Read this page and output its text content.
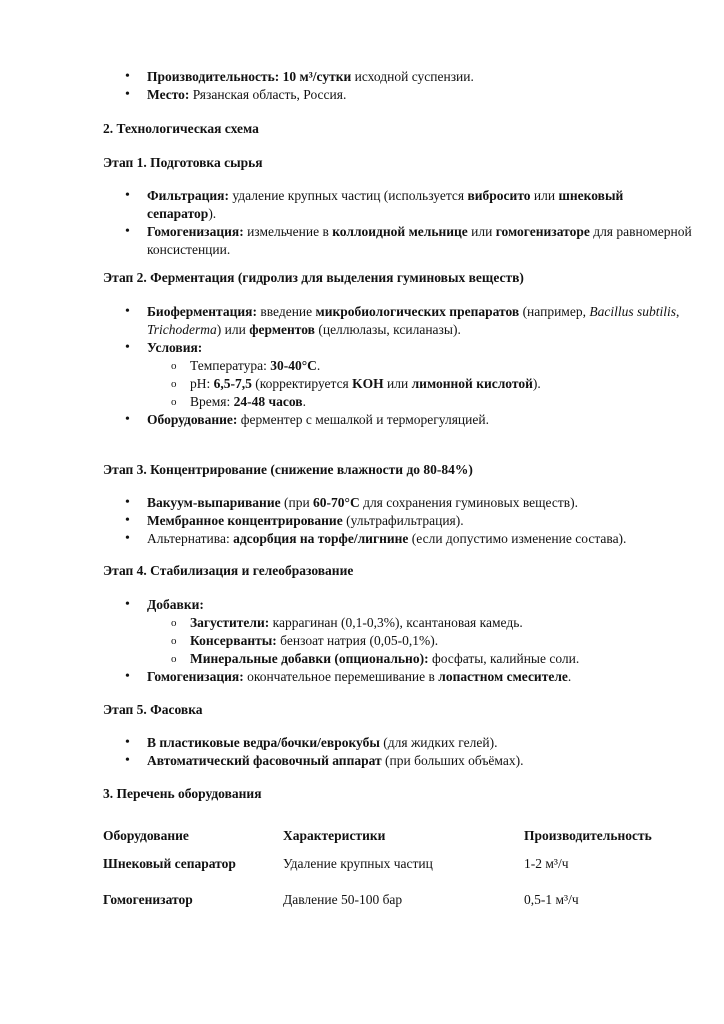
• Производительность: 10 м³/сутки исходной суспензии.
• Место: Рязанская область, Россия.
2. Технологическая схема
Этап 1. Подготовка сырья
• Фильтрация: удаление крупных частиц (используется вибросито или шнековый сепаратор).
• Гомогенизация: измельчение в коллоидной мельнице или гомогенизаторе для равномерной консистенции.
Этап 2. Ферментация (гидролиз для выделения гуминовых веществ)
• Биоферментация: введение микробиологических препаратов (например, Bacillus subtilis, Trichoderma) или ферментов (целлюлазы, ксиланазы).
• Условия:
o Температура: 30-40°C.
o pH: 6,5-7,5 (корректируется KOH или лимонной кислотой).
o Время: 24-48 часов.
• Оборудование: ферментер с мешалкой и терморегуляцией.
Этап 3. Концентрирование (снижение влажности до 80-84%)
• Вакуум-выпаривание (при 60-70°C для сохранения гуминовых веществ).
• Мембранное концентрирование (ультрафильтрация).
• Альтернатива: адсорбция на торфе/лигнине (если допустимо изменение состава).
Этап 4. Стабилизация и гелеобразование
• Добавки:
o Загустители: каррагинан (0,1-0,3%), ксантановая камедь.
o Консерванты: бензоат натрия (0,05-0,1%).
o Минеральные добавки (опционально): фосфаты, калийные соли.
• Гомогенизация: окончательное перемешивание в лопастном смесителе.
Этап 5. Фасовка
• В пластиковые ведра/бочки/еврокубы (для жидких гелей).
• Автоматический фасовочный аппарат (при больших объёмах).
3. Перечень оборудования
Оборудование	Характеристики	Производительность
Шнековый сепаратор	Удаление крупных частиц	1-2 м³/ч
Гомогенизатор	Давление 50-100 бар	0,5-1 м³/ч
